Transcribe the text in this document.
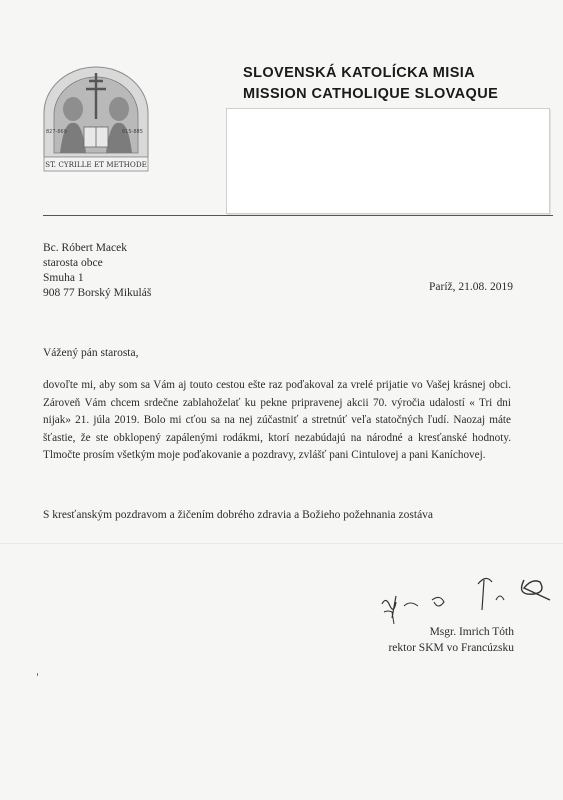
827-869	815-885
ST. CYRILLE ET METHODE
SLOVENSKÁ KATOLÍCKA MISIA
MISSION CATHOLIQUE SLOVAQUE
Bc. Róbert Macek
starosta obce
Smuha 1
908 77 Borský Mikuláš	Paríž, 21.08. 2019
Vážený pán starosta,
dovoľte mi, aby som sa Vám aj touto cestou ešte raz poďakoval za vrelé prijatie vo Vašej krásnej obci. Zároveň Vám chcem srdečne zablahoželať ku pekne pripravenej akcii 70. výročia udalostí « Tri dni nijak» 21. júla 2019. Bolo mi cťou sa na nej zúčastniť a stretnúť veľa statočných ľudí. Naozaj máte šťastie, že ste obklopený zapálenými rodákmi, ktorí nezabúdajú na národné a kresťanské hodnoty. Tlmočte prosím všetkým moje poďakovanie a pozdravy, zvlášť pani Cintulovej a pani Kaníchovej.
S kresťanským pozdravom a žičením dobrého zdravia a Božieho požehnania zostáva
Msgr. Imrich Tóth
rektor SKM vo Francúzsku
